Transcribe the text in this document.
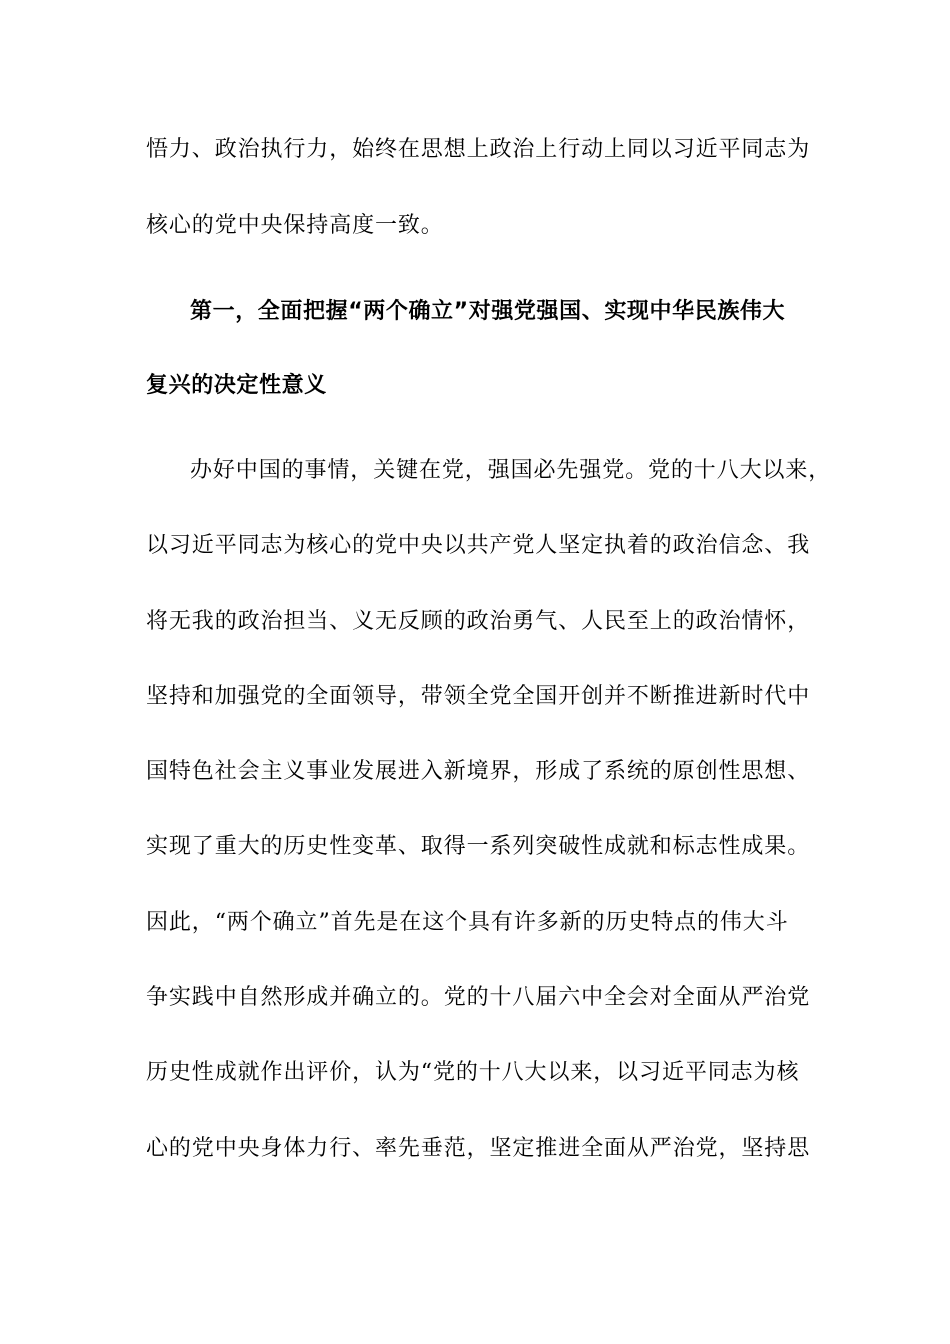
悟力、政治执行力，始终在思想上政治上行动上同以习近平同志为
核心的党中央保持高度一致。
第一，全面把握“两个确立”对强党强国、实现中华民族伟大
复兴的决定性意义
办好中国的事情，关键在党，强国必先强党。党的十八大以来，
以习近平同志为核心的党中央以共产党人坚定执着的政治信念、我
将无我的政治担当、义无反顾的政治勇气、人民至上的政治情怀，
坚持和加强党的全面领导，带领全党全国开创并不断推进新时代中
国特色社会主义事业发展进入新境界，形成了系统的原创性思想、
实现了重大的历史性变革、取得一系列突破性成就和标志性成果。
因此，“两个确立”首先是在这个具有许多新的历史特点的伟大斗
争实践中自然形成并确立的。党的十八届六中全会对全面从严治党
历史性成就作出评价，认为“党的十八大以来，以习近平同志为核
心的党中央身体力行、率先垂范，坚定推进全面从严治党，坚持思
